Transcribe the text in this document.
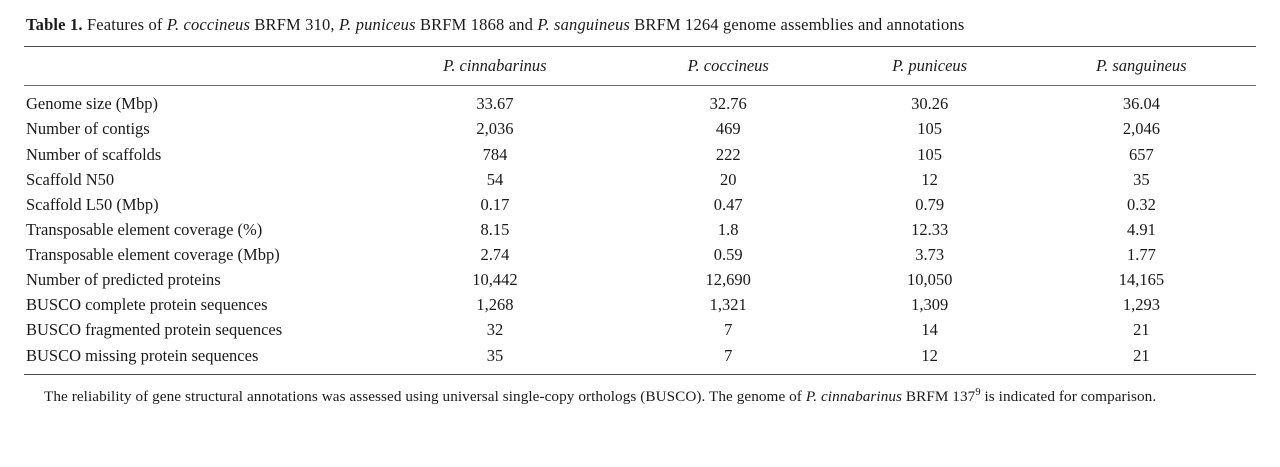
Table 1. Features of P. coccineus BRFM 310, P. puniceus BRFM 1868 and P. sanguineus BRFM 1264 genome assemblies and annotations
	P. cinnabarinus	P. coccineus	P. puniceus	P. sanguineus
Genome size (Mbp)	33.67	32.76	30.26	36.04
Number of contigs	2,036	469	105	2,046
Number of scaffolds	784	222	105	657
Scaffold N50	54	20	12	35
Scaffold L50 (Mbp)	0.17	0.47	0.79	0.32
Transposable element coverage (%)	8.15	1.8	12.33	4.91
Transposable element coverage (Mbp)	2.74	0.59	3.73	1.77
Number of predicted proteins	10,442	12,690	10,050	14,165
BUSCO complete protein sequences	1,268	1,321	1,309	1,293
BUSCO fragmented protein sequences	32	7	14	21
BUSCO missing protein sequences	35	7	12	21
The reliability of gene structural annotations was assessed using universal single-copy orthologs (BUSCO). The genome of P. cinnabarinus BRFM $137^9$ is indicated for comparison.
